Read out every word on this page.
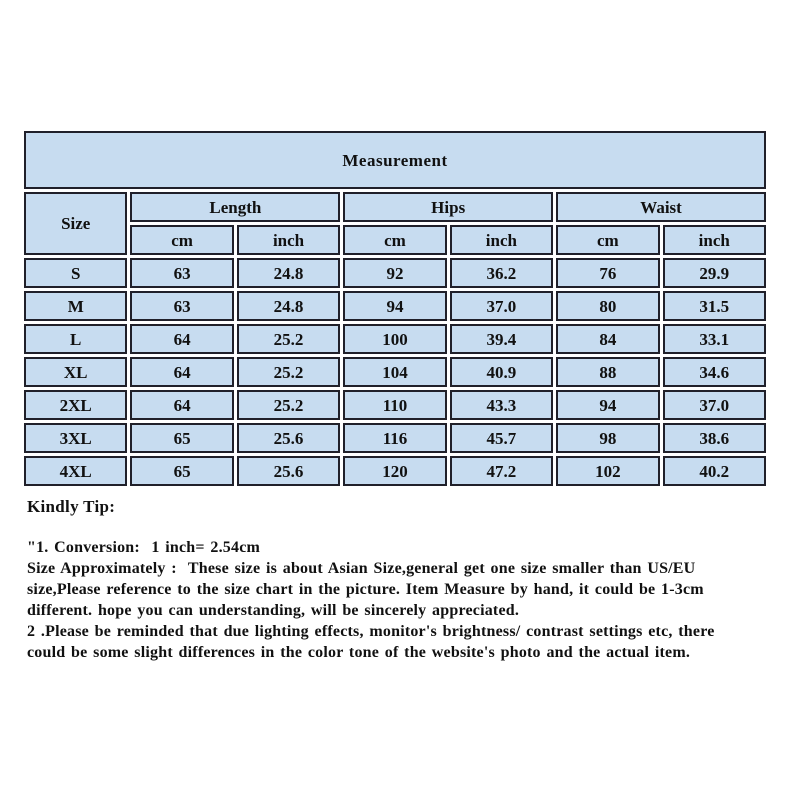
Measurement						
Size	Length		Hips		Waist	
	cm	inch	cm	inch	cm	inch
S	63	24.8	92	36.2	76	29.9
M	63	24.8	94	37.0	80	31.5
L	64	25.2	100	39.4	84	33.1
XL	64	25.2	104	40.9	88	34.6
2XL	64	25.2	110	43.3	94	37.0
3XL	65	25.6	116	45.7	98	38.6
4XL	65	25.6	120	47.2	102	40.2
Kindly Tip:
"1. Conversion:  1 inch= 2.54cm
Size Approximately :  These size is about Asian Size,general get one size smaller than US/EU
size,Please reference to the size chart in the picture. Item Measure by hand, it could be 1-3cm
different. hope you can understanding, will be sincerely appreciated.
2 .Please be reminded that due lighting effects, monitor's brightness/ contrast settings etc, there
could be some slight differences in the color tone of the website's photo and the actual item.
